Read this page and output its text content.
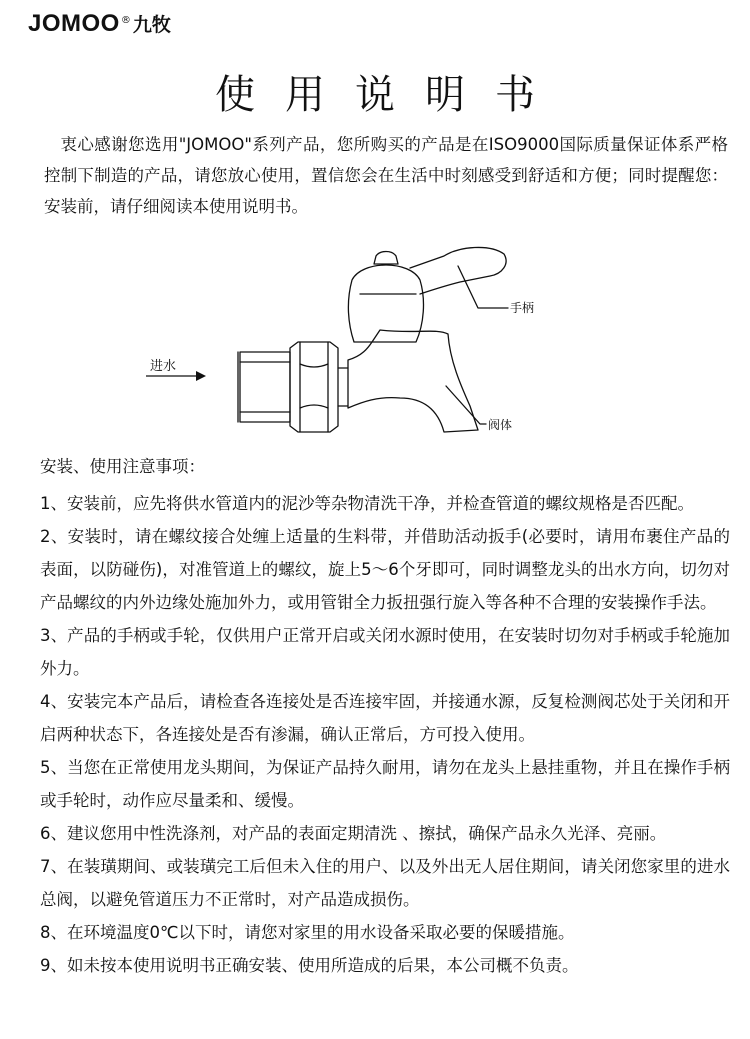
JOMOO ® 九牧
使用说明书

衷心感谢您选用"JOMOO"系列产品，您所购买的产品是在ISO9000国际质量保证体系严格控制下制造的产品，请您放心使用，置信您会在生活中时刻感受到舒适和方便；同时提醒您：安装前，请仔细阅读本使用说明书。

进水
手柄
阀体
安装、使用注意事项：

1、安装前，应先将供水管道内的泥沙等杂物清洗干净，并检查管道的螺纹规格是否匹配。

2、安装时，请在螺纹接合处缠上适量的生料带，并借助活动扳手(必要时，请用布裹住产品的表面，以防碰伤)，对准管道上的螺纹，旋上5～6个牙即可，同时调整龙头的出水方向，切勿对产品螺纹的内外边缘处施加外力，或用管钳全力扳扭强行旋入等各种不合理的安装操作手法。

3、产品的手柄或手轮，仅供用户正常开启或关闭水源时使用，在安装时切勿对手柄或手轮施加外力。

4、安装完本产品后，请检查各连接处是否连接牢固，并接通水源，反复检测阀芯处于关闭和开启两种状态下，各连接处是否有渗漏，确认正常后，方可投入使用。

5、当您在正常使用龙头期间，为保证产品持久耐用，请勿在龙头上悬挂重物，并且在操作手柄或手轮时，动作应尽量柔和、缓慢。

6、建议您用中性洗涤剂，对产品的表面定期清洗 、擦拭，确保产品永久光泽、亮丽。

7、在装璜期间、或装璜完工后但未入住的用户、以及外出无人居住期间，请关闭您家里的进水总阀，以避免管道压力不正常时，对产品造成损伤。

8、在环境温度0℃以下时，请您对家里的用水设备采取必要的保暖措施。

9、如未按本使用说明书正确安装、使用所造成的后果，本公司概不负责。
